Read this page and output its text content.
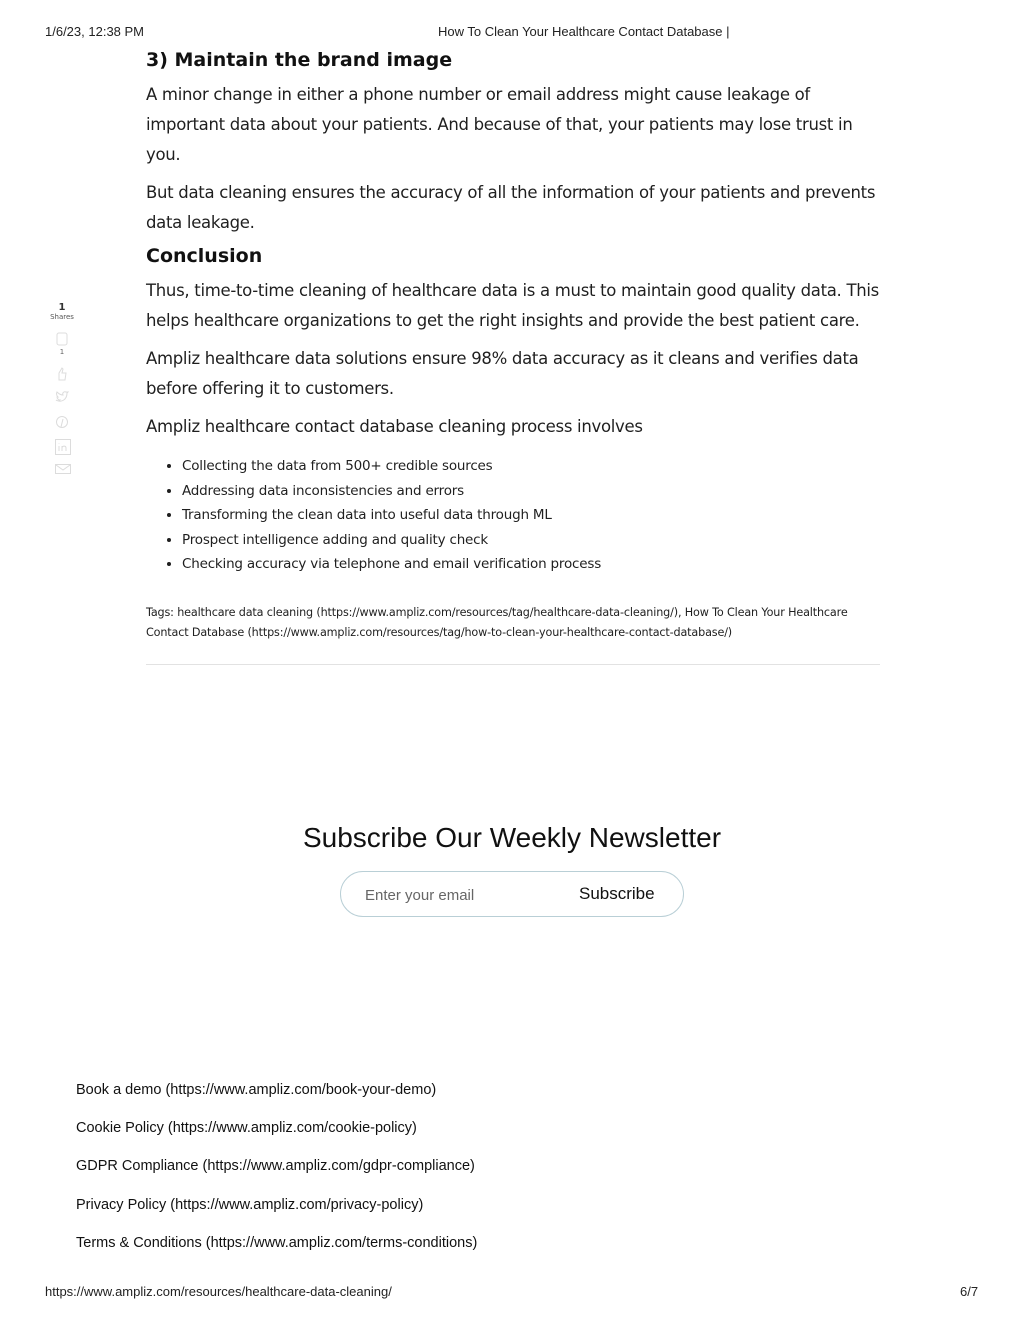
1/6/23, 12:38 PM	How To Clean Your Healthcare Contact Database |
1
Shares
1
3) Maintain the brand image

A minor change in either a phone number or email address might cause leakage of important data about your patients. And because of that, your patients may lose trust in you.

But data cleaning ensures the accuracy of all the information of your patients and prevents data leakage.

Conclusion

Thus, time-to-time cleaning of healthcare data is a must to maintain good quality data. This helps healthcare organizations to get the right insights and provide the best patient care.

Ampliz healthcare data solutions ensure 98% data accuracy as it cleans and verifies data before offering it to customers.

Ampliz healthcare contact database cleaning process involves

• Collecting the data from 500+ credible sources
• Addressing data inconsistencies and errors
• Transforming the clean data into useful data through ML
• Prospect intelligence adding and quality check
• Checking accuracy via telephone and email verification process
Tags: healthcare data cleaning (https://www.ampliz.com/resources/tag/healthcare-data-cleaning/), How To Clean Your Healthcare Contact Database (https://www.ampliz.com/resources/tag/how-to-clean-your-healthcare-contact-database/)
Subscribe Our Weekly Newsletter
Enter your email
Subscribe
Book a demo (https://www.ampliz.com/book-your-demo)
Cookie Policy (https://www.ampliz.com/cookie-policy)
GDPR Compliance (https://www.ampliz.com/gdpr-compliance)
Privacy Policy (https://www.ampliz.com/privacy-policy)
Terms & Conditions (https://www.ampliz.com/terms-conditions)
https://www.ampliz.com/resources/healthcare-data-cleaning/	6/7
